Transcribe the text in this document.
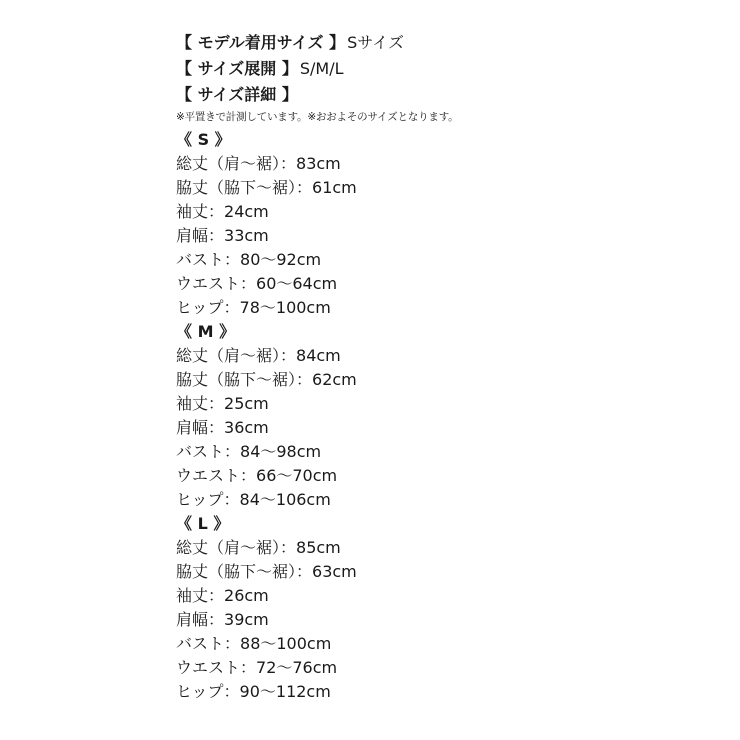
【 モデル着用サイズ 】 Sサイズ
【 サイズ展開 】 S/M/L
【 サイズ詳細 】
※平置きで計測しています。※おおよそのサイズとなります。
《 S 》
総丈（肩〜裾）：83cm
脇丈（脇下〜裾）：61cm
袖丈：24cm
肩幅：33cm
バスト：80〜92cm
ウエスト：60〜64cm
ヒップ：78〜100cm
《 M 》
総丈（肩〜裾）：84cm
脇丈（脇下〜裾）：62cm
袖丈：25cm
肩幅：36cm
バスト：84〜98cm
ウエスト：66〜70cm
ヒップ：84〜106cm
《 L 》
総丈（肩〜裾）：85cm
脇丈（脇下〜裾）：63cm
袖丈：26cm
肩幅：39cm
バスト：88〜100cm
ウエスト：72〜76cm
ヒップ：90〜112cm
